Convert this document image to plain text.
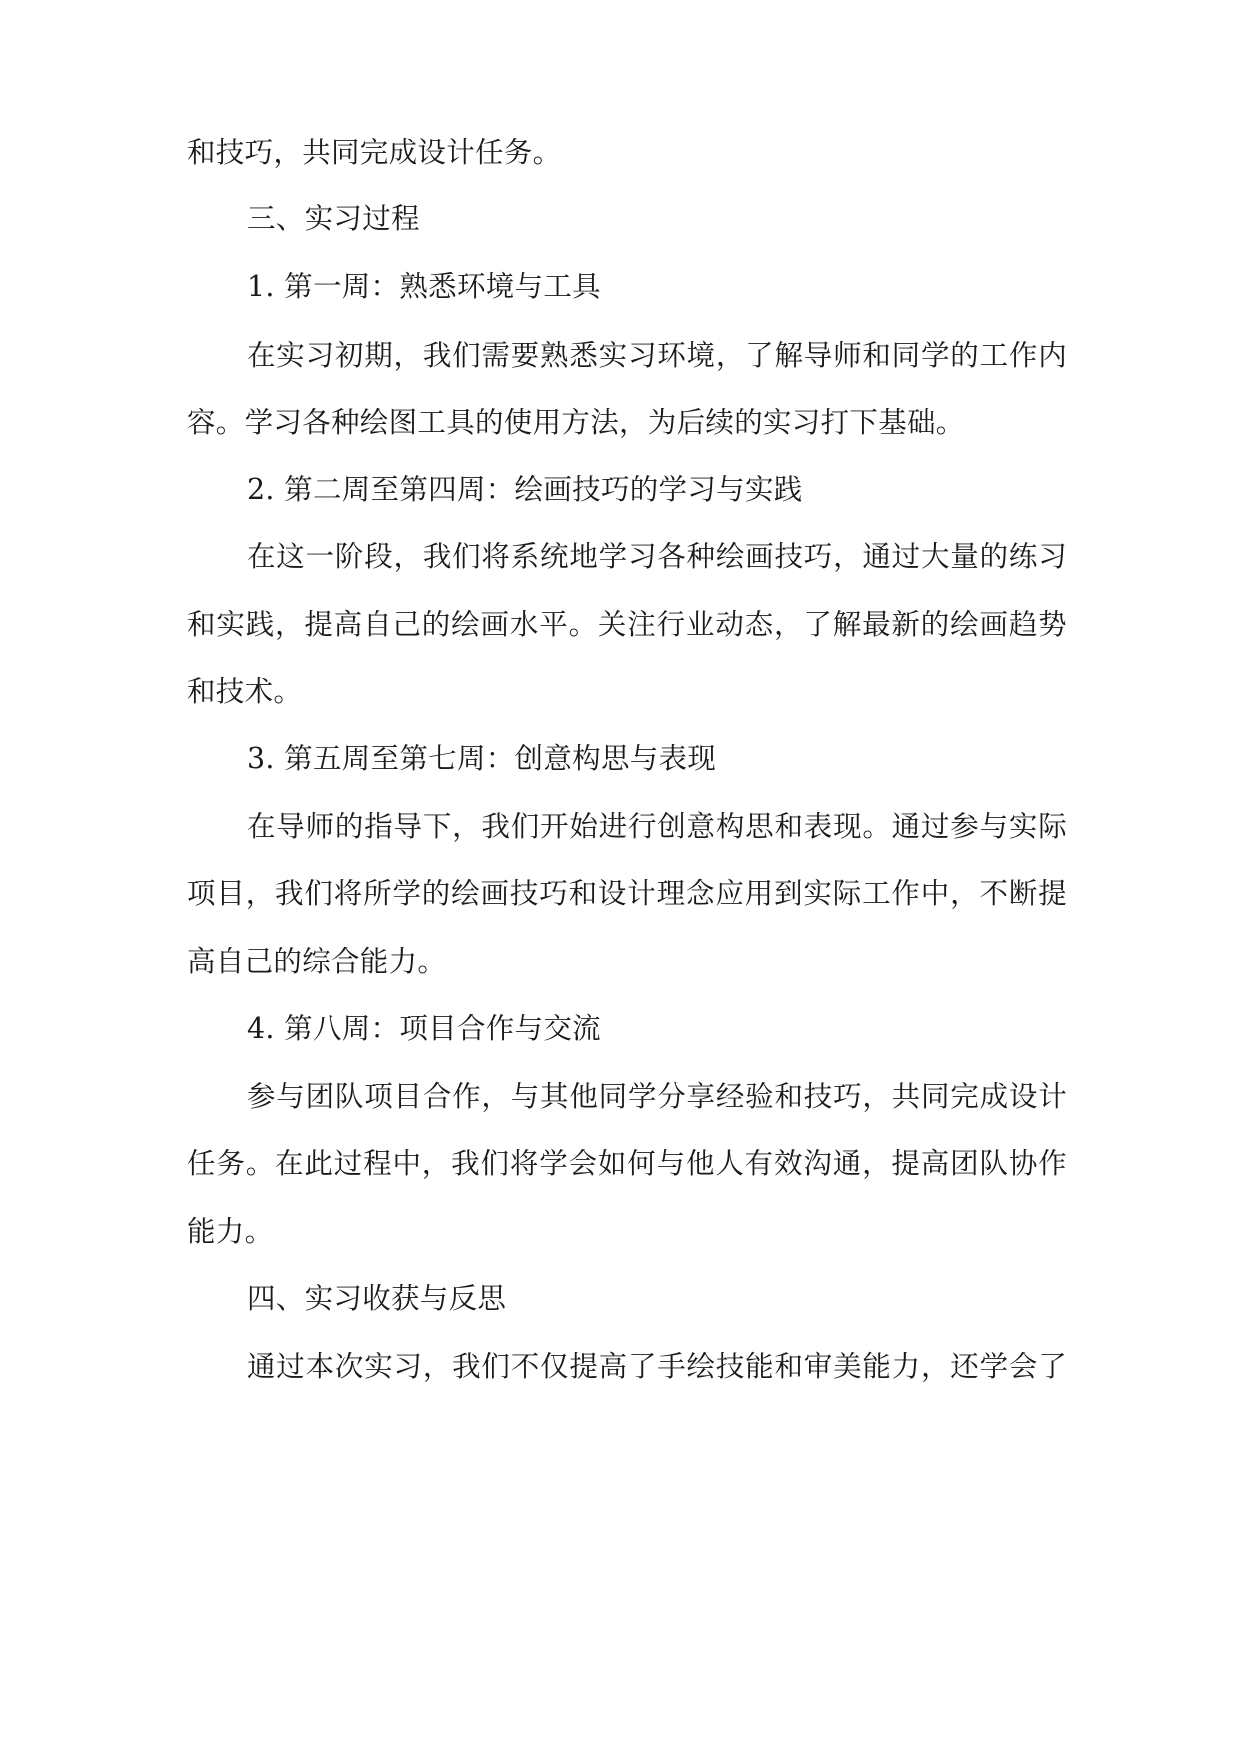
和技巧，共同完成设计任务。
三、实习过程
1. 第一周：熟悉环境与工具
在实习初期，我们需要熟悉实习环境，了解导师和同学的工作内
容。学习各种绘图工具的使用方法，为后续的实习打下基础。
2. 第二周至第四周：绘画技巧的学习与实践
在这一阶段，我们将系统地学习各种绘画技巧，通过大量的练习
和实践，提高自己的绘画水平。关注行业动态，了解最新的绘画趋势
和技术。
3. 第五周至第七周：创意构思与表现
在导师的指导下，我们开始进行创意构思和表现。通过参与实际
项目，我们将所学的绘画技巧和设计理念应用到实际工作中，不断提
高自己的综合能力。
4. 第八周：项目合作与交流
参与团队项目合作，与其他同学分享经验和技巧，共同完成设计
任务。在此过程中，我们将学会如何与他人有效沟通，提高团队协作
能力。
四、实习收获与反思
通过本次实习，我们不仅提高了手绘技能和审美能力，还学会了
